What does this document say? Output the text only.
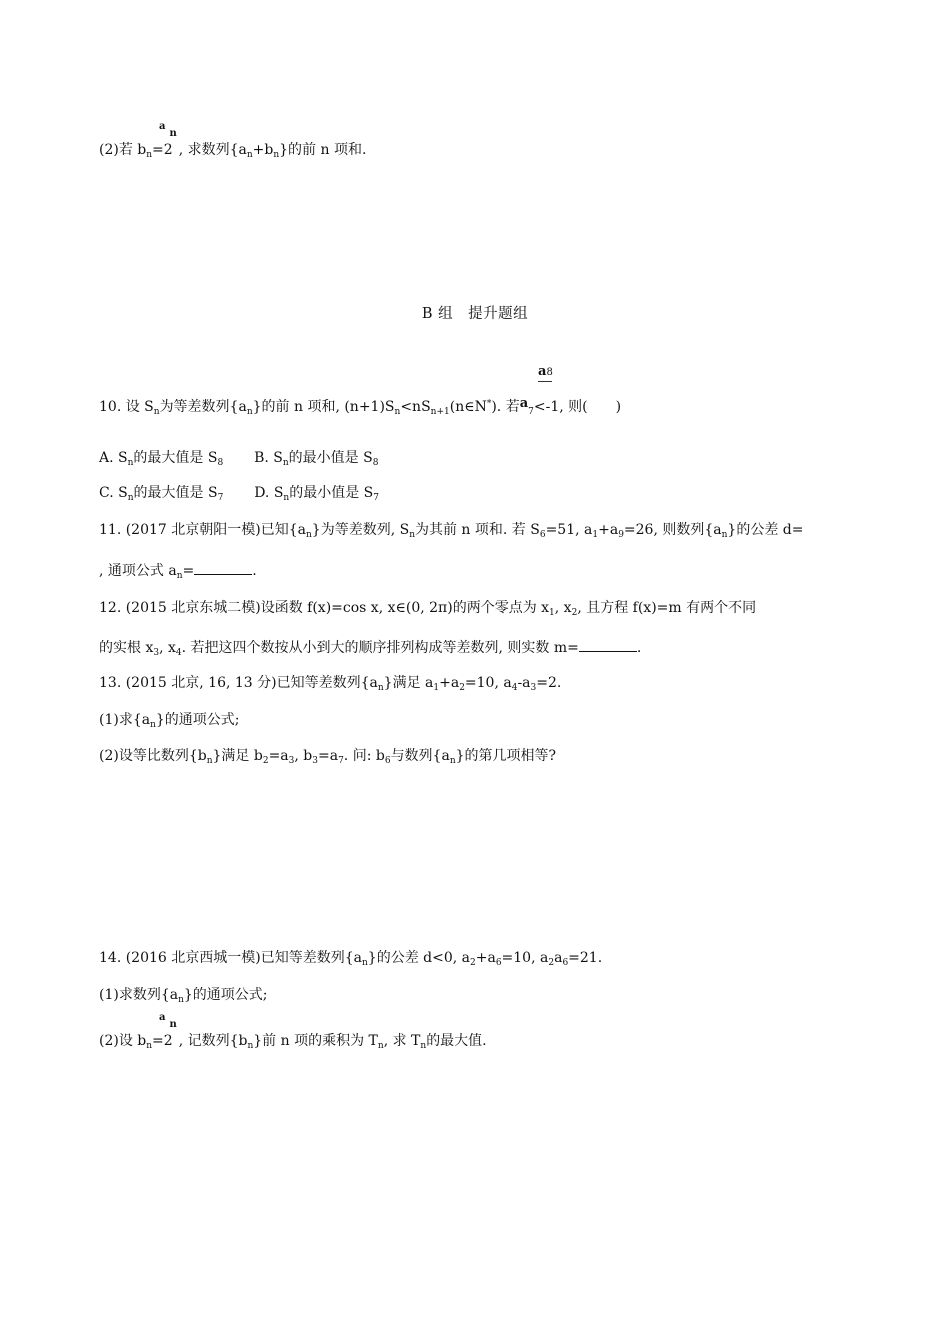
(2)若 $b_n=2$
an
, 求数列$\{a_n+b_n\}$的前 n 项和.
B 组　提升题组
a8
10. 设 $S_n$为等差数列$\{a_n\}$的前 n 项和, $(n+1)S_n<nS_{n+1}(n\in N^*)$. 若$a_7<-1$, 则(　　)
A. $S_n$的最大值是 $S_8$ B. $S_n$的最小值是 $S_8$
C. $S_n$的最大值是 $S_7$ D. $S_n$的最小值是 $S_7$
11. (2017 北京朝阳一模)已知$\{a_n\}$为等差数列, $S_n$为其前 n 项和. 若 $S_6=51$, $a_1+a_9=26$, 则数列$\{a_n\}$的公差 d=
, 通项公式 $a_n=$	.
12. (2015 北京东城二模)设函数 f(x)=cos x, x∈(0, 2π)的两个零点为 $x_1$, $x_2$, 且方程 f(x)=m 有两个不同
的实根 $x_3$, $x_4$. 若把这四个数按从小到大的顺序排列构成等差数列, 则实数 m=	.
13. (2015 北京, 16, 13 分)已知等差数列$\{a_n\}$满足 $a_1+a_2=10$, $a_4-a_3=2$.
(1)求$\{a_n\}$的通项公式;
(2)设等比数列$\{b_n\}$满足 $b_2=a_3$, $b_3=a_7$. 问: $b_6$与数列$\{a_n\}$的第几项相等?
14. (2016 北京西城一模)已知等差数列$\{a_n\}$的公差 d<0, $a_2+a_6=10$, $a_2a_6=21$.
(1)求数列$\{a_n\}$的通项公式;
(2)设 $b_n=2$
an
, 记数列$\{b_n\}$前 n 项的乘积为 $T_n$, 求 $T_n$的最大值.
